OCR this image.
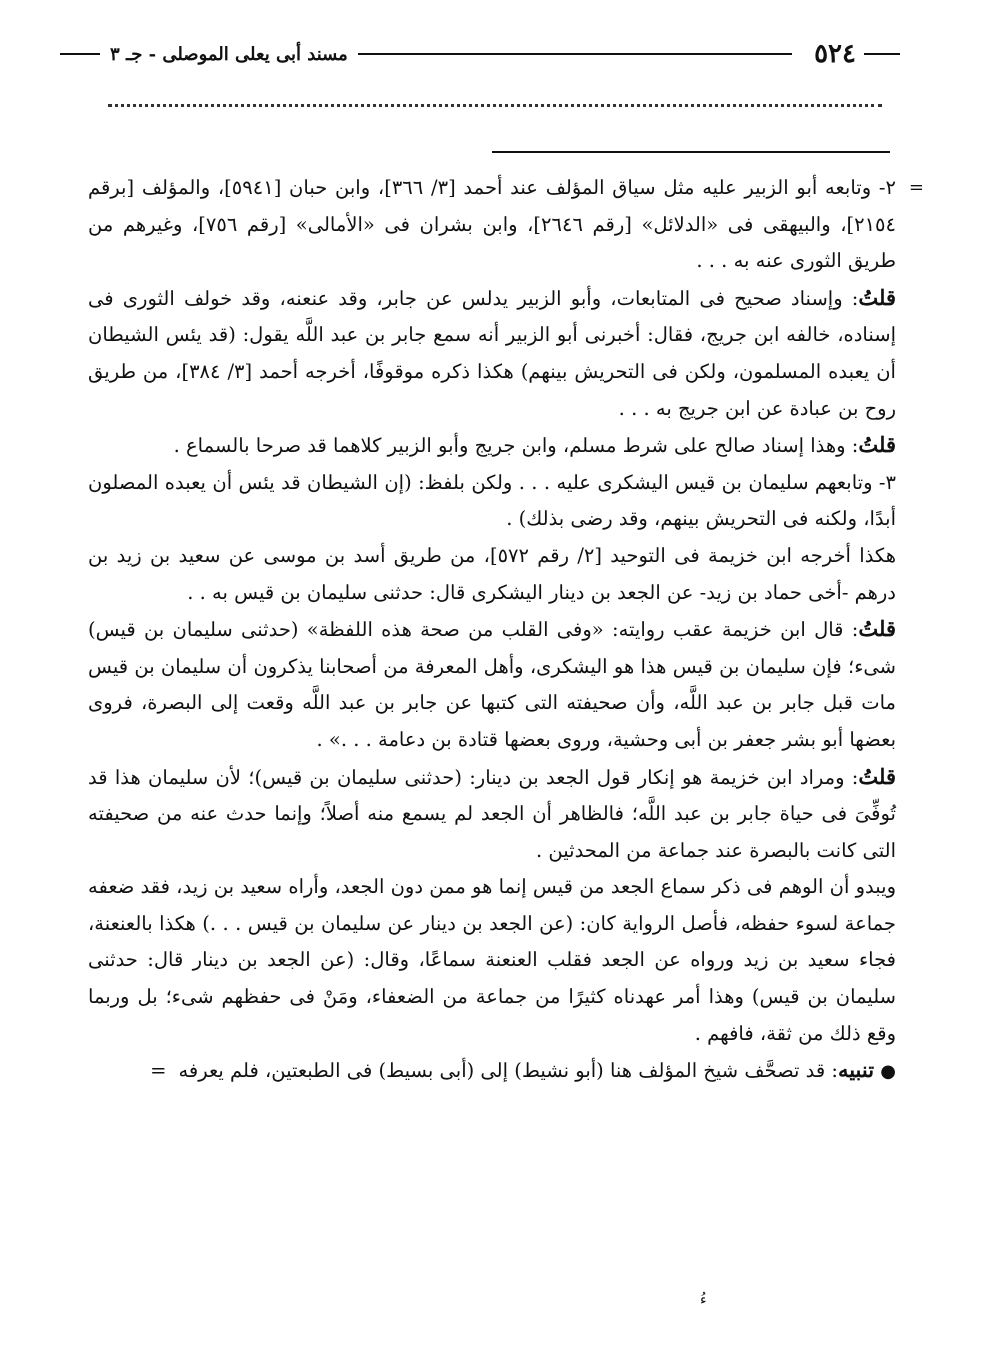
٥٢٤
مسند أبى يعلى الموصلى - جـ ٣
=

٢- وتابعه أبو الزبير عليه مثل سياق المؤلف عند أحمد [٣/ ٣٦٦]، وابن حبان [٥٩٤١]، والمؤلف [برقم ٢١٥٤]، والبيهقى فى «الدلائل» [رقم ٢٦٤٦]، وابن بشران فى «الأمالى» [رقم ٧٥٦]، وغيرهم من طريق الثورى عنه به . . .

قلتُ: وإسناد صحيح فى المتابعات، وأبو الزبير يدلس عن جابر، وقد عنعنه، وقد خولف الثورى فى إسناده، خالفه ابن جريج، فقال: أخبرنى أبو الزبير أنه سمع جابر بن عبد اللَّه يقول: (قد يئس الشيطان أن يعبده المسلمون، ولكن فى التحريش بينهم) هكذا ذكره موقوفًا، أخرجه أحمد [٣/ ٣٨٤]، من طريق روح بن عبادة عن ابن جريج به . . .

قلتُ: وهذا إسناد صالح على شرط مسلم، وابن جريج وأبو الزبير كلاهما قد صرحا بالسماع .

٣- وتابعهم سليمان بن قيس اليشكرى عليه . . . ولكن بلفظ: (إن الشيطان قد يئس أن يعبده المصلون أبدًا، ولكنه فى التحريش بينهم، وقد رضى بذلك) .

هكذا أخرجه ابن خزيمة فى التوحيد [٢/ رقم ٥٧٢]، من طريق أسد بن موسى عن سعيد بن زيد بن درهم -أخى حماد بن زيد- عن الجعد بن دينار اليشكرى قال: حدثنى سليمان بن قيس به . .

قلتُ: قال ابن خزيمة عقب روايته: «وفى القلب من صحة هذه اللفظة» (حدثنى سليمان بن قيس) شىء؛ فإن سليمان بن قيس هذا هو اليشكرى، وأهل المعرفة من أصحابنا يذكرون أن سليمان بن قيس مات قبل جابر بن عبد اللَّه، وأن صحيفته التى كتبها عن جابر بن عبد اللَّه وقعت إلى البصرة، فروى بعضها أبو بشر جعفر بن أبى وحشية، وروى بعضها قتادة بن دعامة . . .» .

قلتُ: ومراد ابن خزيمة هو إنكار قول الجعد بن دينار: (حدثنى سليمان بن قيس)؛ لأن سليمان هذا قد تُوفِّىَ فى حياة جابر بن عبد اللَّه؛ فالظاهر أن الجعد لم يسمع منه أصلاً؛ وإنما حدث عنه من صحيفته التى كانت بالبصرة عند جماعة من المحدثين .

ويبدو أن الوهم فى ذكر سماع الجعد من قيس إنما هو ممن دون الجعد، وأراه سعيد بن زيد، فقد ضعفه جماعة لسوء حفظه، فأصل الرواية كان: (عن الجعد بن دينار عن سليمان بن قيس . . .) هكذا بالعنعنة، فجاء سعيد بن زيد ورواه عن الجعد فقلب العنعنة سماعًا، وقال: (عن الجعد بن دينار قال: حدثنى سليمان بن قيس) وهذا أمر عهدناه كثيرًا من جماعة من الضعفاء، ومَنْ فى حفظهم شىء؛ بل وربما وقع ذلك من ثقة، فافهم .

● تنبيه: قد تصحَّف شيخ المؤلف هنا (أبو نشيط) إلى (أبى بسيط) فى الطبعتين، فلم يعرفه=

ءُ
